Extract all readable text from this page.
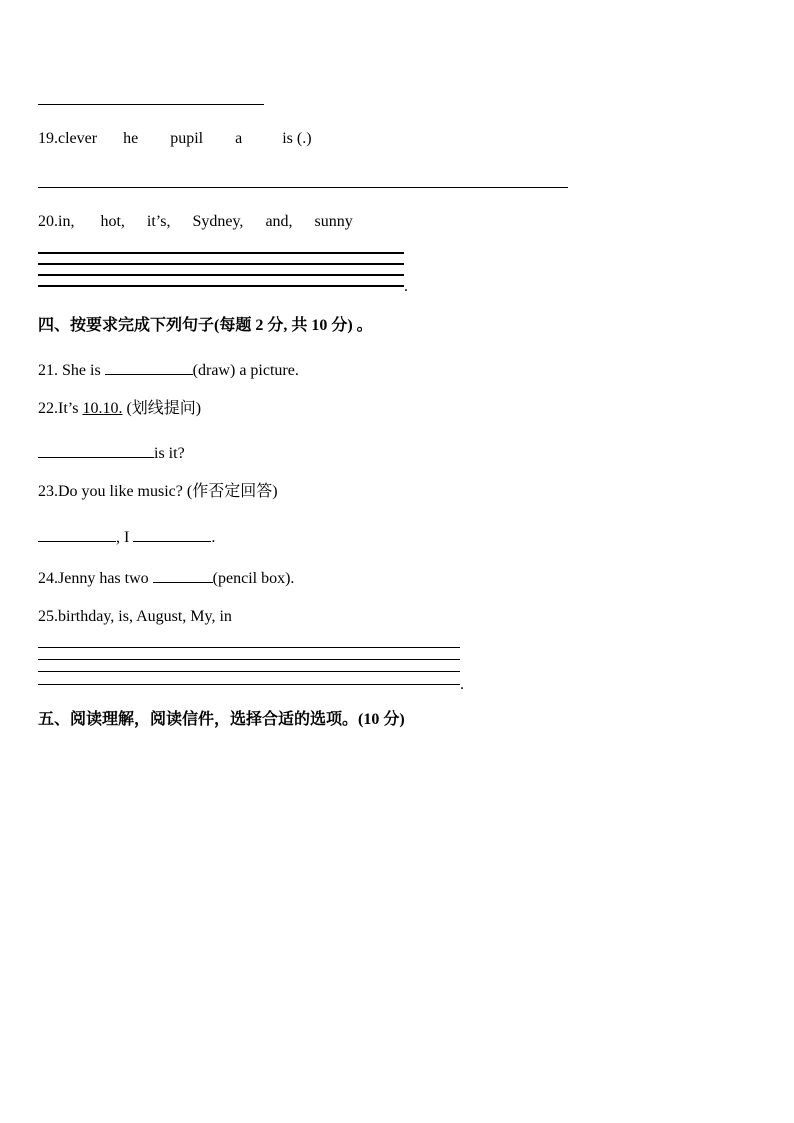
19.clever he pupil a	is (.)
20.in, hot, it’s, Sydney, and, sunny
.
四、按要求完成下列句子(每题 2 分, 共 10 分) 。
21. She is	(draw) a picture.
22.It’s 10.10. (划线提问)
is it?
23.Do you like music? (作否定回答)
, I	.
24.Jenny has two	(pencil box).
25.birthday, is, August, My, in
.
五、阅读理解，阅读信件，选择合适的选项。(10 分)
